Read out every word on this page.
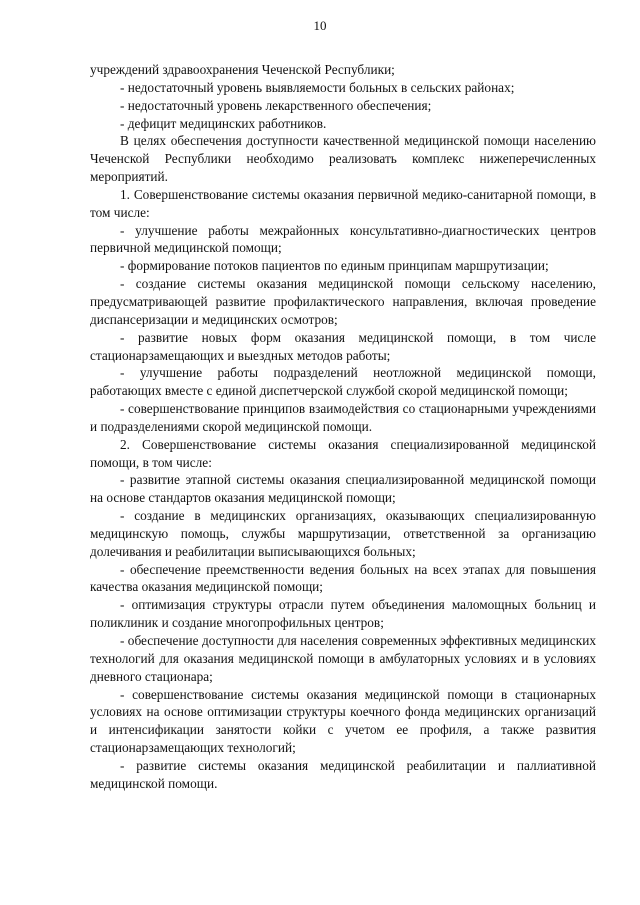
10

учреждений здравоохранения Чеченской Республики;

- недостаточный уровень выявляемости больных в сельских районах;

- недостаточный уровень лекарственного обеспечения;

- дефицит медицинских работников.

В целях обеспечения доступности качественной медицинской помощи населению Чеченской Республики необходимо реализовать комплекс нижеперечисленных мероприятий.

1. Совершенствование системы оказания первичной медико-санитарной помощи, в том числе:

- улучшение работы межрайонных консультативно-диагностических центров первичной медицинской помощи;

- формирование потоков пациентов по единым принципам маршрутизации;

- создание системы оказания медицинской помощи сельскому населению, предусматривающей развитие профилактического направления, включая проведение диспансеризации и медицинских осмотров;

- развитие новых форм оказания медицинской помощи, в том числе стационарзамещающих и выездных методов работы;

- улучшение работы подразделений неотложной медицинской помощи, работающих вместе с единой диспетчерской службой скорой медицинской помощи;

- совершенствование принципов взаимодействия со стационарными учреждениями и подразделениями скорой медицинской помощи.

2. Совершенствование системы оказания специализированной медицинской помощи, в том числе:

- развитие этапной системы оказания специализированной медицинской помощи на основе стандартов оказания медицинской помощи;

- создание в медицинских организациях, оказывающих специализированную медицинскую помощь, службы маршрутизации, ответственной за организацию долечивания и реабилитации выписывающихся больных;

- обеспечение преемственности ведения больных на всех этапах для повышения качества оказания медицинской помощи;

- оптимизация структуры отрасли путем объединения маломощных больниц и поликлиник и создание многопрофильных центров;

- обеспечение доступности для населения современных эффективных медицинских технологий для оказания медицинской помощи в амбулаторных условиях и в условиях дневного стационара;

- совершенствование системы оказания медицинской помощи в стационарных условиях на основе оптимизации структуры коечного фонда медицинских организаций и интенсификации занятости койки с учетом ее профиля, а также развития стационарзамещающих технологий;

- развитие системы оказания медицинской реабилитации и паллиативной медицинской помощи.
